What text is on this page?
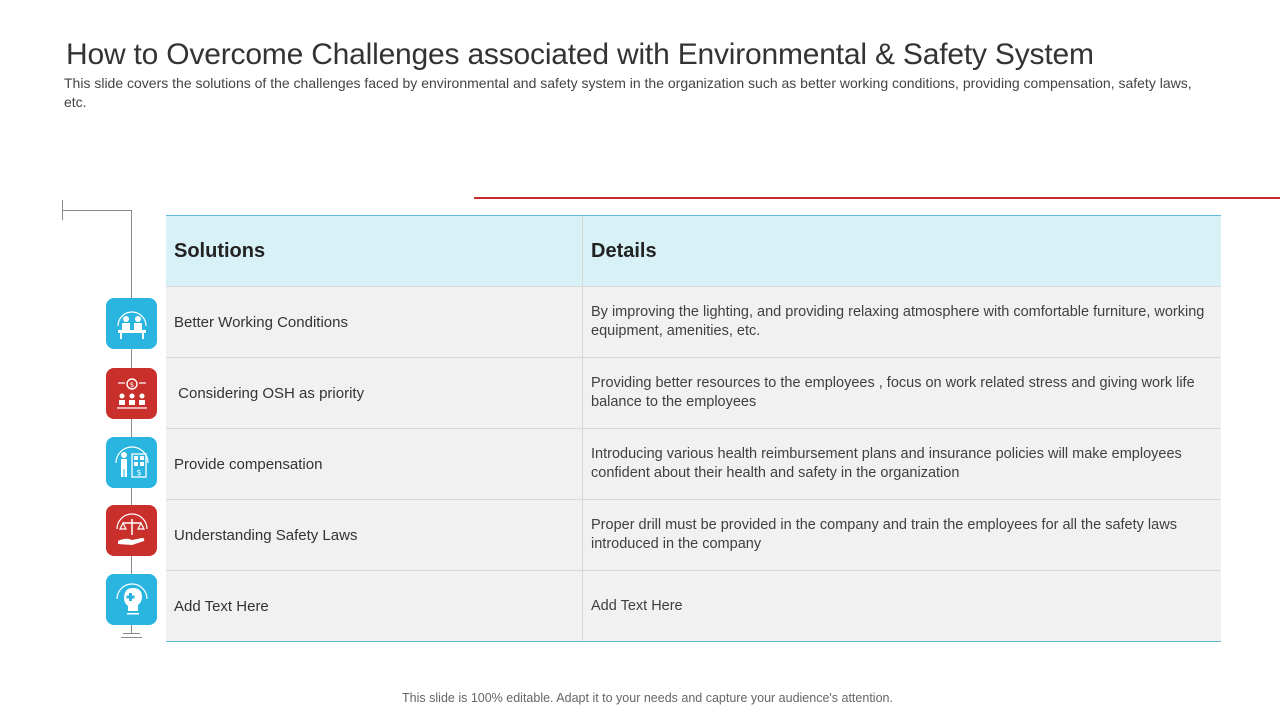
How to Overcome Challenges associated with Environmental & Safety System
This slide covers the solutions of the challenges faced by environmental and safety system in the organization such as better working conditions, providing compensation, safety laws, etc.
$
$
Solutions	Details
Better Working Conditions
By improving the lighting, and providing relaxing atmosphere with comfortable furniture, working equipment, amenities, etc.
Considering OSH as priority
Providing better resources to the employees , focus on work related stress and giving work life balance to the employees
Provide compensation
Introducing various health reimbursement plans and insurance policies will make employees confident about their health and safety in the organization
Understanding Safety Laws
Proper drill must be provided in the company and train the employees for all the safety laws introduced in the company
Add Text Here	Add Text Here
This slide is 100% editable. Adapt it to your needs and capture your audience's attention.
